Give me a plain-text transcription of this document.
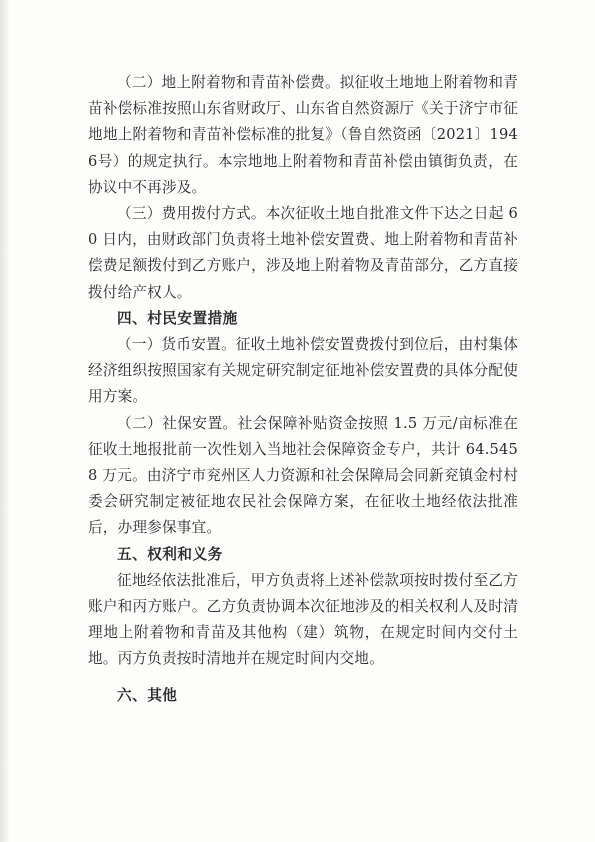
（二）地上附着物和青苗补偿费。拟征收土地地上附着物和青苗补偿标准按照山东省财政厅、山东省自然资源厅《关于济宁市征地地上附着物和青苗补偿标准的批复》（鲁自然资函〔2021〕1946号）的规定执行。本宗地地上附着物和青苗补偿由镇街负责，在协议中不再涉及。

（三）费用拨付方式。本次征收土地自批准文件下达之日起 60 日内，由财政部门负责将土地补偿安置费、地上附着物和青苗补偿费足额拨付到乙方账户，涉及地上附着物及青苗部分，乙方直接拨付给产权人。

四、村民安置措施

（一）货币安置。征收土地补偿安置费拨付到位后，由村集体经济组织按照国家有关规定研究制定征地补偿安置费的具体分配使用方案。

（二）社保安置。社会保障补贴资金按照 1.5 万元/亩标准在征收土地报批前一次性划入当地社会保障资金专户，共计 64.5458 万元。由济宁市兖州区人力资源和社会保障局会同新兖镇金村村委会研究制定被征地农民社会保障方案，在征收土地经依法批准后，办理参保事宜。

五、权利和义务

征地经依法批准后，甲方负责将上述补偿款项按时拨付至乙方账户和丙方账户。乙方负责协调本次征地涉及的相关权利人及时清理地上附着物和青苗及其他构（建）筑物，在规定时间内交付土地。丙方负责按时清地并在规定时间内交地。

六、其他
